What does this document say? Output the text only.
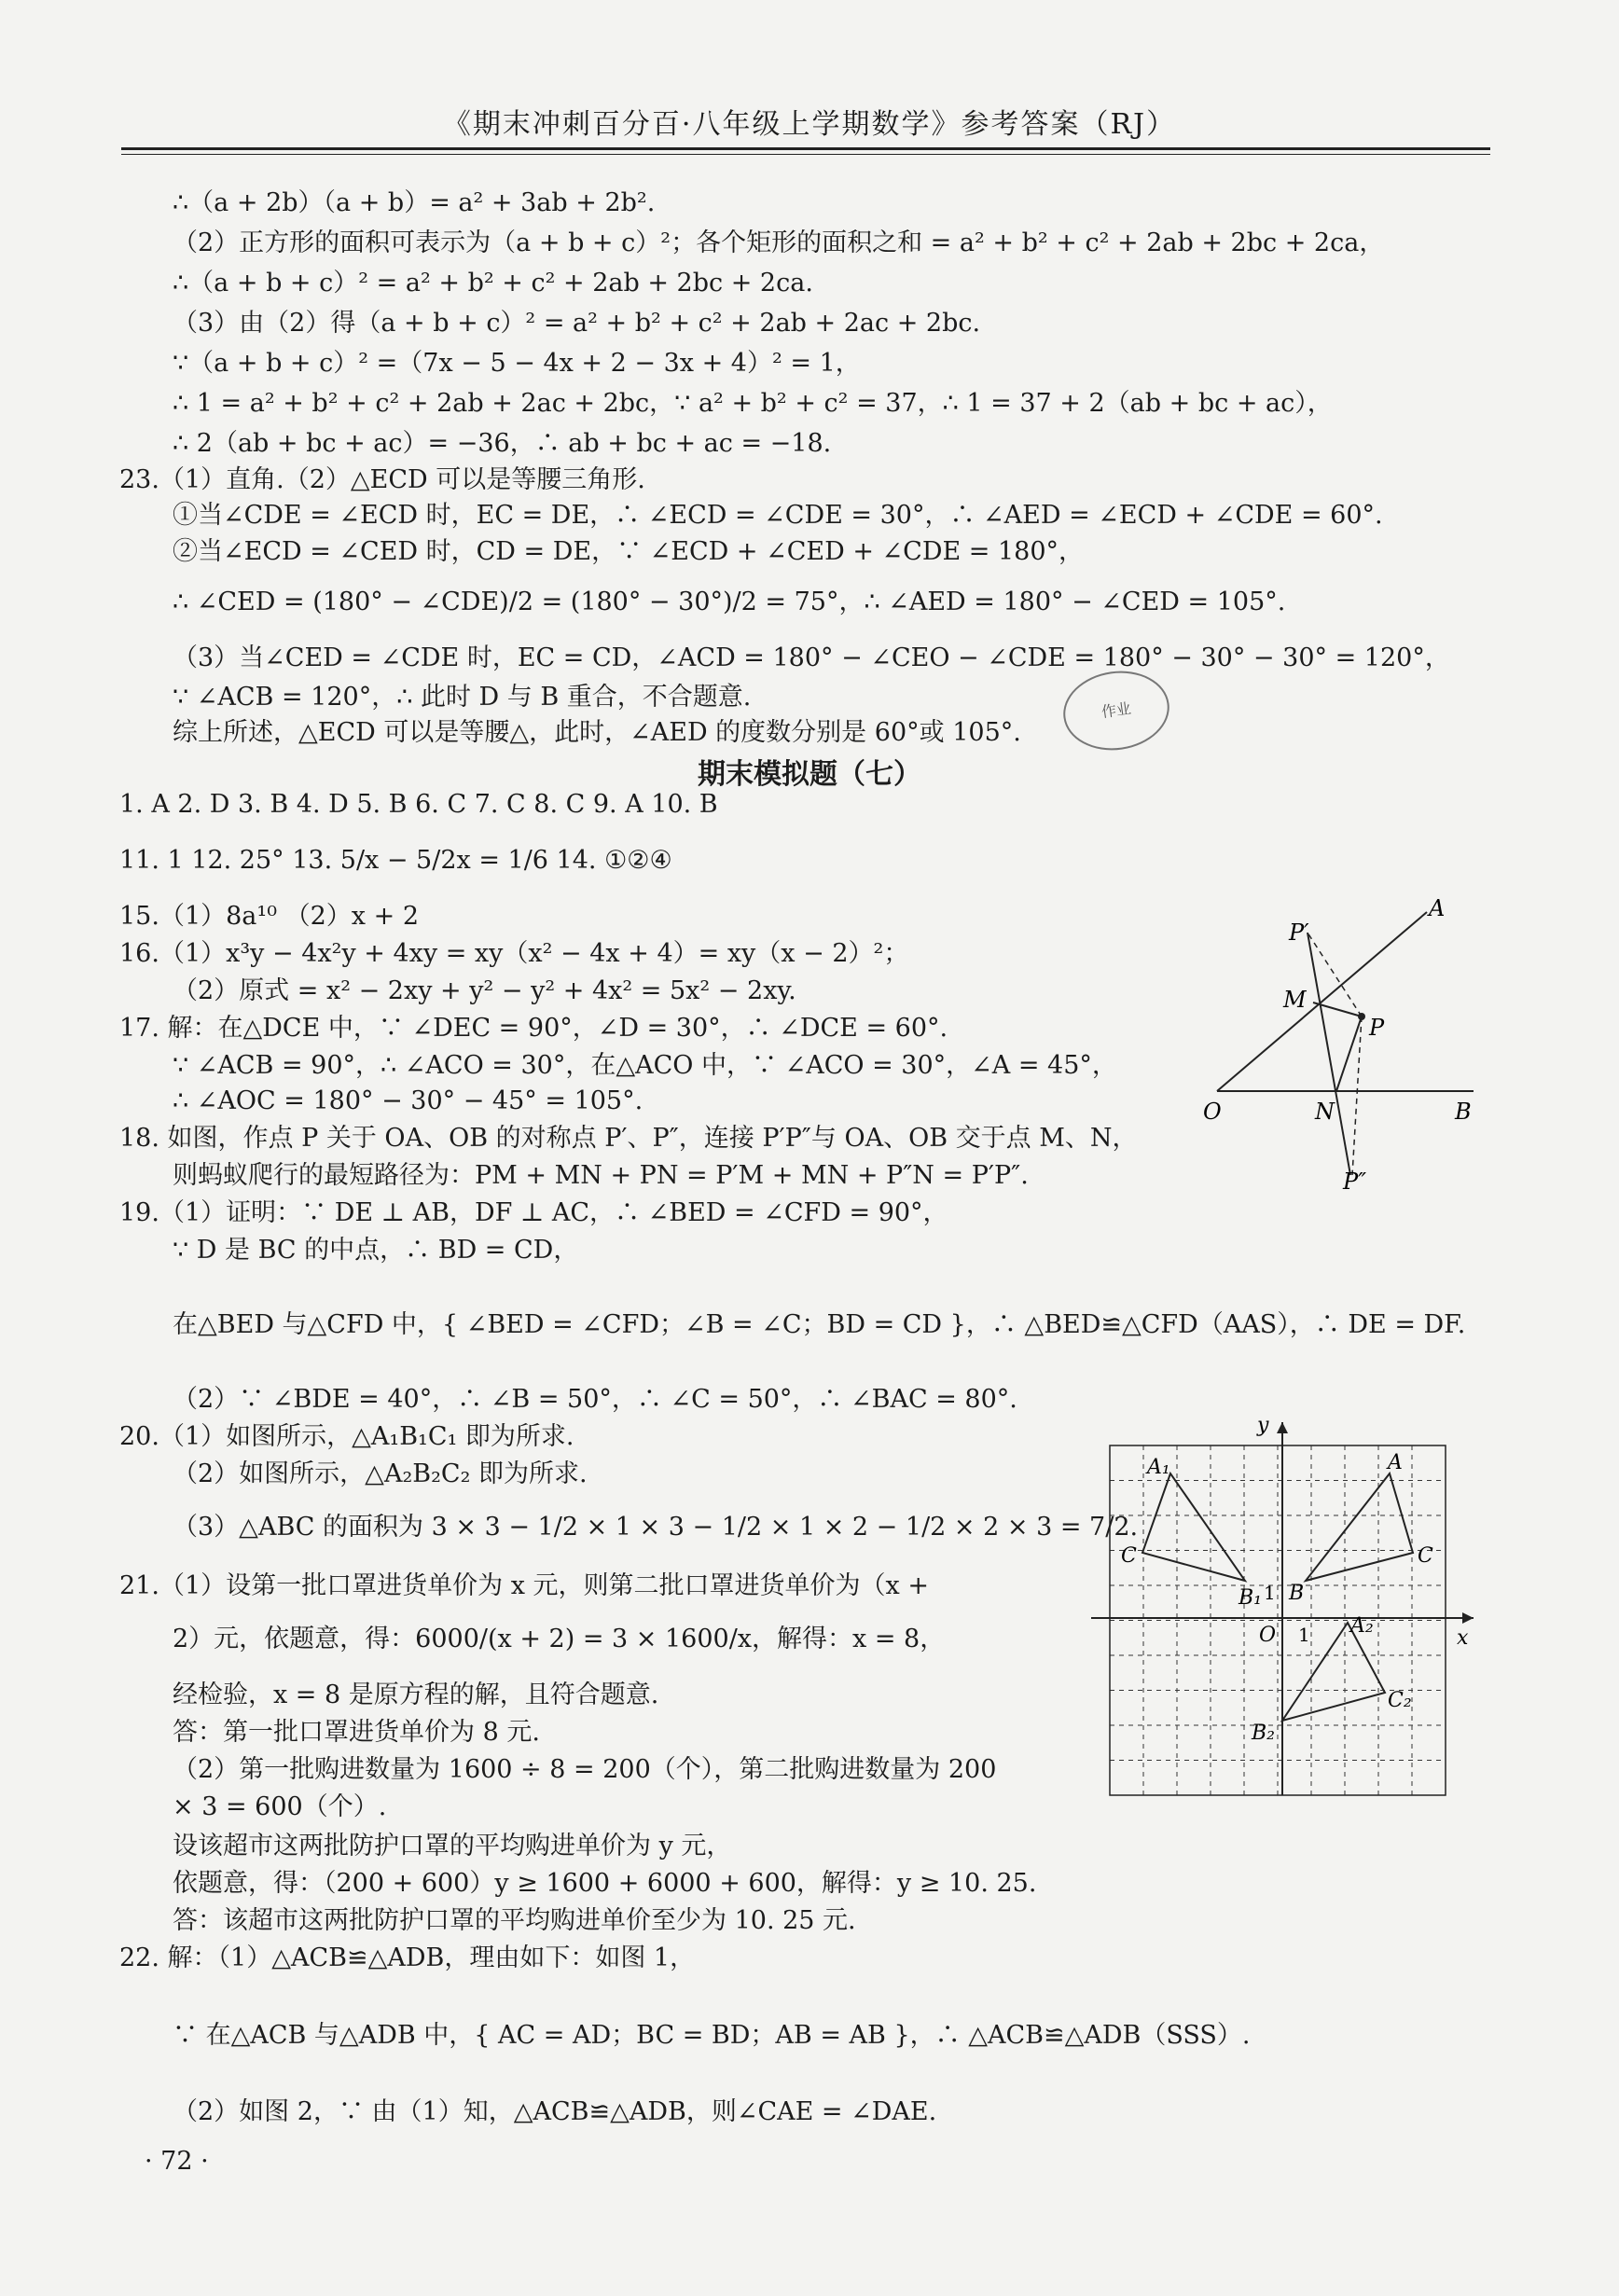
《期末冲刺百分百·八年级上学期数学》参考答案（RJ）
∴（a + 2b）（a + b）= a² + 3ab + 2b².
（2）正方形的面积可表示为（a + b + c）²；各个矩形的面积之和 = a² + b² + c² + 2ab + 2bc + 2ca，
∴（a + b + c）² = a² + b² + c² + 2ab + 2bc + 2ca.
（3）由（2）得（a + b + c）² = a² + b² + c² + 2ab + 2ac + 2bc.
∵（a + b + c）² =（7x − 5 − 4x + 2 − 3x + 4）² = 1，
∴ 1 = a² + b² + c² + 2ab + 2ac + 2bc，∵ a² + b² + c² = 37，∴ 1 = 37 + 2（ab + bc + ac），
∴ 2（ab + bc + ac）= −36，∴ ab + bc + ac = −18.
23.（1）直角.（2）△ECD 可以是等腰三角形.
①当∠CDE = ∠ECD 时，EC = DE，∴ ∠ECD = ∠CDE = 30°，∴ ∠AED = ∠ECD + ∠CDE = 60°.
②当∠ECD = ∠CED 时，CD = DE，∵ ∠ECD + ∠CED + ∠CDE = 180°，
∴ ∠CED = (180° − ∠CDE)/2 = (180° − 30°)/2 = 75°，∴ ∠AED = 180° − ∠CED = 105°.
（3）当∠CED = ∠CDE 时，EC = CD，∠ACD = 180° − ∠CEO − ∠CDE = 180° − 30° − 30° = 120°，
∵ ∠ACB = 120°，∴ 此时 D 与 B 重合，不合题意.
综上所述，△ECD 可以是等腰△，此时，∠AED 的度数分别是 60°或 105°.
作业
期末模拟题（七）
1. A 2. D 3. B 4. D 5. B 6. C 7. C 8. C 9. A 10. B
11. 1 12. 25° 13. 5/x − 5/2x = 1/6 14. ①②④
15.（1）8a¹⁰ （2）x + 2
16.（1）x³y − 4x²y + 4xy = xy（x² − 4x + 4）= xy（x − 2）²；
（2）原式 = x² − 2xy + y² − y² + 4x² = 5x² − 2xy.
17. 解：在△DCE 中，∵ ∠DEC = 90°，∠D = 30°，∴ ∠DCE = 60°.
∵ ∠ACB = 90°，∴ ∠ACO = 30°，在△ACO 中，∵ ∠ACO = 30°，∠A = 45°，
∴ ∠AOC = 180° − 30° − 45° = 105°.
18. 如图，作点 P 关于 OA、OB 的对称点 P′、P″，连接 P′P″与 OA、OB 交于点 M、N，
则蚂蚁爬行的最短路径为：PM + MN + PN = P′M + MN + P″N = P′P″.
19.（1）证明：∵ DE ⊥ AB，DF ⊥ AC，∴ ∠BED = ∠CFD = 90°，
∵ D 是 BC 的中点，∴ BD = CD，
在△BED 与△CFD 中，{ ∠BED = ∠CFD；∠B = ∠C；BD = CD }，∴ △BED≌△CFD（AAS），∴ DE = DF.
（2）∵ ∠BDE = 40°，∴ ∠B = 50°，∴ ∠C = 50°，∴ ∠BAC = 80°.
20.（1）如图所示，△A₁B₁C₁ 即为所求.
（2）如图所示，△A₂B₂C₂ 即为所求.
（3）△ABC 的面积为 3 × 3 − 1/2 × 1 × 3 − 1/2 × 1 × 2 − 1/2 × 2 × 3 = 7/2.
21.（1）设第一批口罩进货单价为 x 元，则第二批口罩进货单价为（x +
2）元，依题意，得：6000/(x + 2) = 3 × 1600/x，解得：x = 8，
经检验，x = 8 是原方程的解，且符合题意.
答：第一批口罩进货单价为 8 元.
（2）第一批购进数量为 1600 ÷ 8 = 200（个），第二批购进数量为 200
× 3 = 600（个）.
设该超市这两批防护口罩的平均购进单价为 y 元，
依题意，得：（200 + 600）y ≥ 1600 + 6000 + 600，解得：y ≥ 10. 25.
答：该超市这两批防护口罩的平均购进单价至少为 10. 25 元.
22. 解：（1）△ACB≌△ADB，理由如下：如图 1，
∵ 在△ACB 与△ADB 中，{ AC = AD；BC = BD；AB = AB }，∴ △ACB≌△ADB（SSS）.
（2）如图 2，∵ 由（1）知，△ACB≌△ADB，则∠CAE = ∠DAE.
· 72 ·
A
O	B
M
N
P
P′
P″
y
x
O 1
1
A₁
C
B₁
A
B
C
A₂
B₂
C₂
